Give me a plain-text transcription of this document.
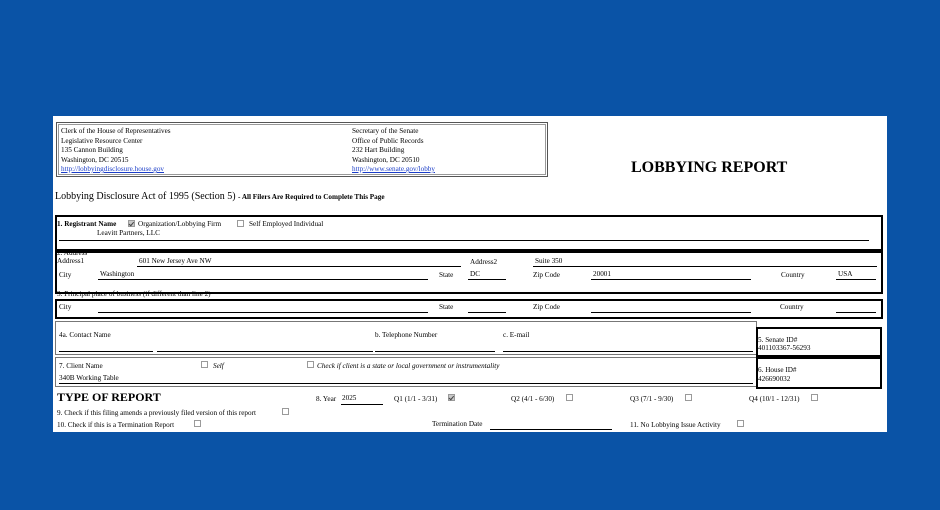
Clerk of the House of Representatives
Legislative Resource Center
135 Cannon Building
Washington, DC 20515
http://lobbyingdisclosure.house.gov
Secretary of the Senate
Office of Public Records
232 Hart Building
Washington, DC 20510
http://www.senate.gov/lobby	LOBBYING REPORT
Lobbying Disclosure Act of 1995 (Section 5) - All Filers Are Required to Complete This Page
1. Registrant Name	Organization/Lobbying Firm	Self Employed Individual
Leavitt Partners, LLC
2. Address
Address1	601 New Jersey Ave NW	Address2	Suite 350
City	Washington	State DC	Zip Code	20001	Country	USA
3. Principal place of business (if different than line 2)
City	State	Zip Code	Country
4a. Contact Name	b. Telephone Number	c. E-mail
5. Senate ID#
401103367-56293
7. Client Name	Self	Check if client is a state or local government or instrumentality
340B Working Table
6. House ID#
426690032
TYPE OF REPORT	8. Year 2025	Q1 (1/1 - 3/31)	Q2 (4/1 - 6/30)	Q3 (7/1 - 9/30)	Q4 (10/1 - 12/31)
9. Check if this filing amends a previously filed version of this report
10. Check if this is a Termination Report	Termination Date	11. No Lobbying Issue Activity
